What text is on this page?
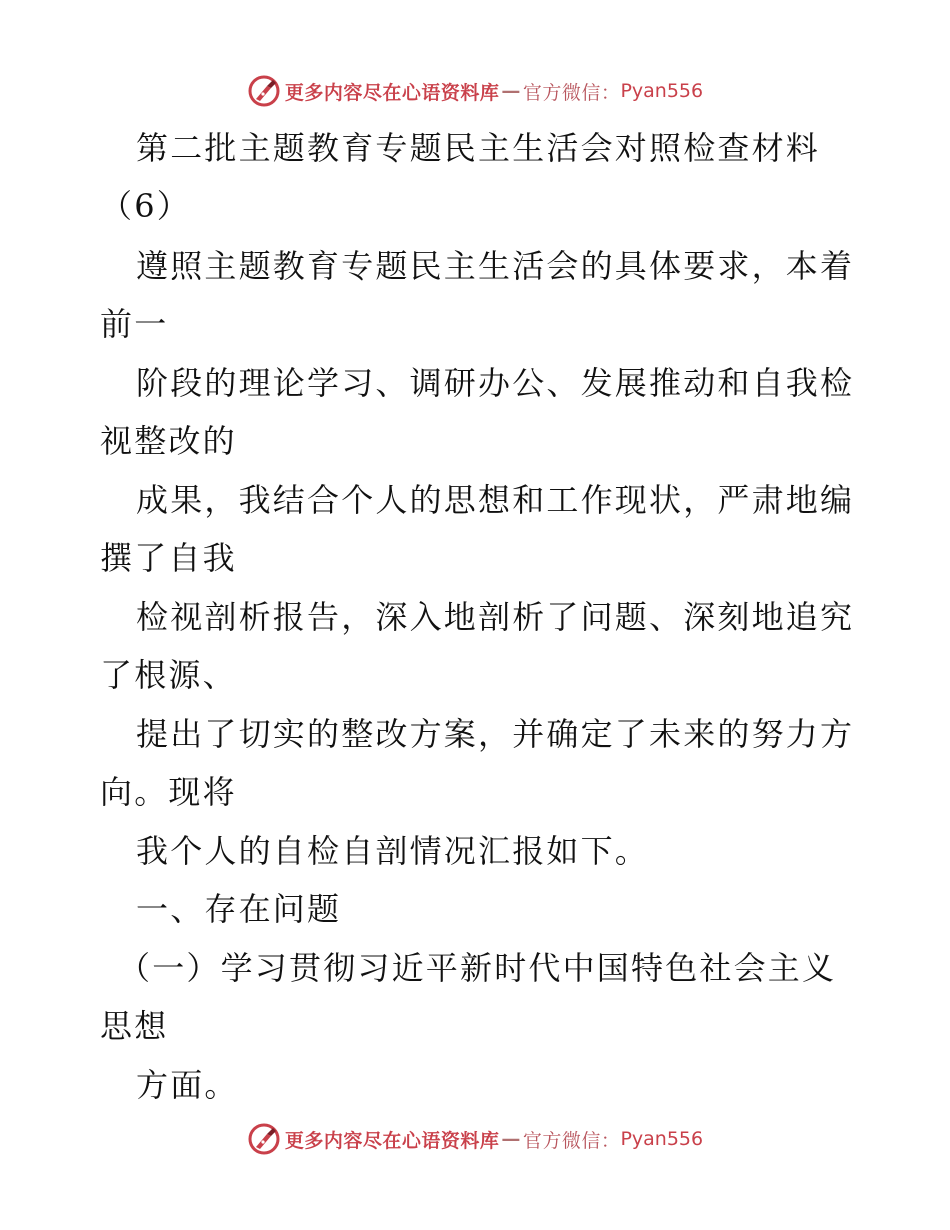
更多内容尽在心语资料库 — 官方微信： Pyan556
第二批主题教育专题民主生活会对照检查材料
（6）
遵照主题教育专题民主生活会的具体要求，本着
前一
阶段的理论学习、调研办公、发展推动和自我检
视整改的
成果，我结合个人的思想和工作现状，严肃地编
撰了自我
检视剖析报告，深入地剖析了问题、深刻地追究
了根源、
提出了切实的整改方案，并确定了未来的努力方
向。现将
我个人的自检自剖情况汇报如下。
一、存在问题
（一）学习贯彻习近平新时代中国特色社会主义
思想
方面。
更多内容尽在心语资料库 — 官方微信： Pyan556
